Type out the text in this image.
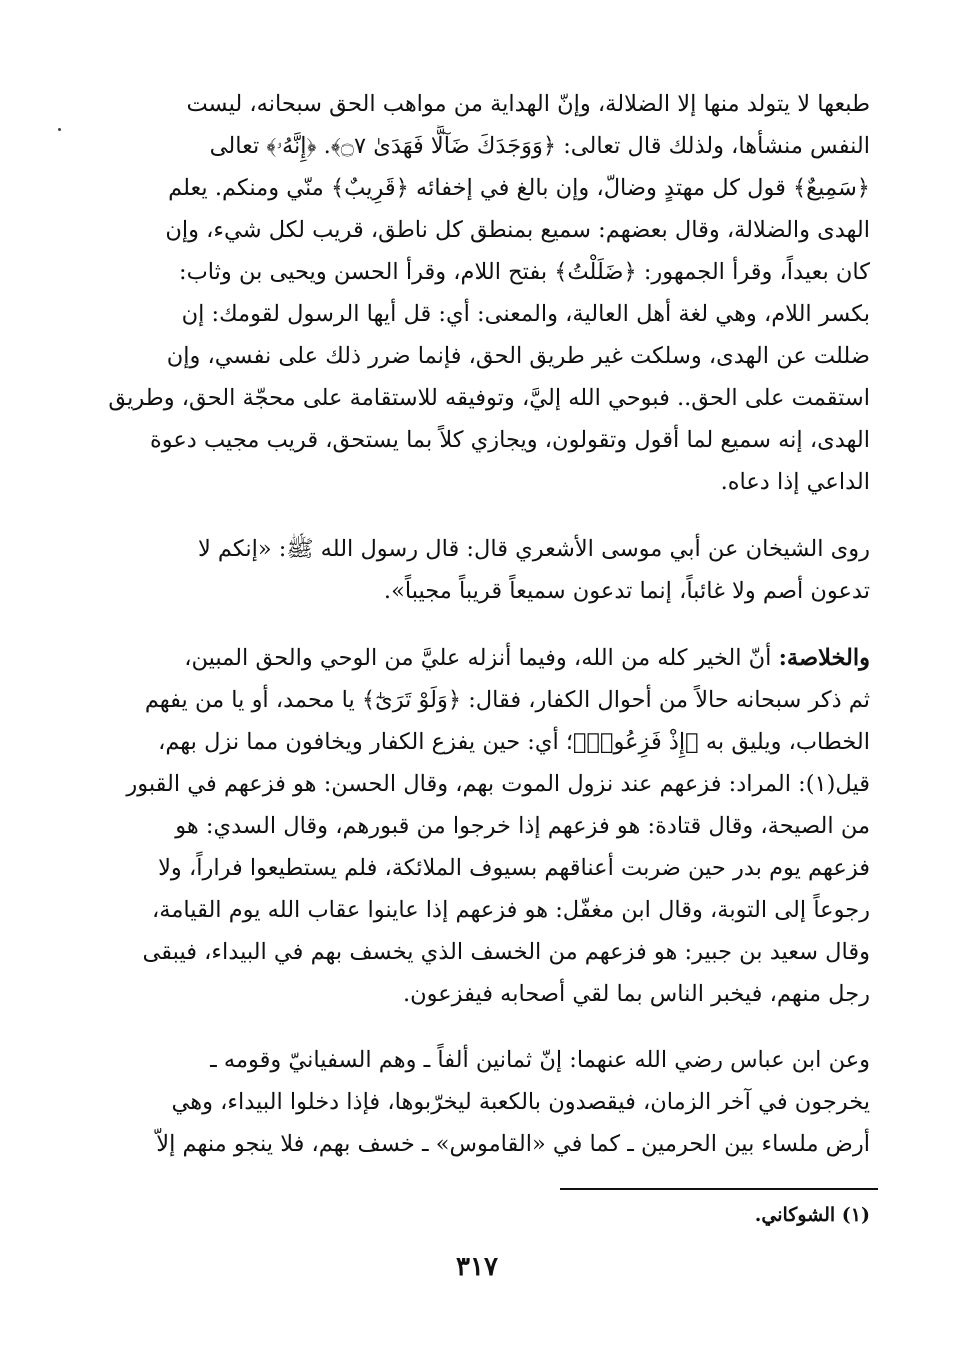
طبعها لا يتولد منها إلا الضلالة، وإنّ الهداية من مواهب الحق سبحانه، ليست
النفس منشأها، ولذلك قال تعالى: ﴿وَوَجَدَكَ ضَآلًّا فَهَدَىٰ ۝٧﴾. ﴿إِنَّهُۥ﴾ تعالى
﴿سَمِيعٌ﴾ قول كل مهتدٍ وضالّ، وإن بالغ في إخفائه ﴿قَرِيبٌ﴾ منّي ومنكم. يعلم
الهدى والضلالة، وقال بعضهم: سميع بمنطق كل ناطق، قريب لكل شيء، وإن
كان بعيداً، وقرأ الجمهور: ﴿ضَلَلْتُ﴾ بفتح اللام، وقرأ الحسن ويحيى بن وثاب:
بكسر اللام، وهي لغة أهل العالية، والمعنى: أي: قل أيها الرسول لقومك: إن
ضللت عن الهدى، وسلكت غير طريق الحق، فإنما ضرر ذلك على نفسي، وإن
استقمت على الحق.. فبوحي الله إليَّ، وتوفيقه للاستقامة على محجّة الحق، وطريق
الهدى، إنه سميع لما أقول وتقولون، ويجازي كلاً بما يستحق، قريب مجيب دعوة
الداعي إذا دعاه.
روى الشيخان عن أبي موسى الأشعري قال: قال رسول الله ﷺ: «إنكم لا
تدعون أصم ولا غائباً، إنما تدعون سميعاً قريباً مجيباً».
والخلاصة: أنّ الخير كله من الله، وفيما أنزله عليَّ من الوحي والحق المبين،
ثم ذكر سبحانه حالاً من أحوال الكفار، فقال: ﴿وَلَوْ تَرَىٰٓ﴾ يا محمد، أو يا من يفهم
الخطاب، ويليق به ﴿إِذْ فَزِعُوا۟﴾؛ أي: حين يفزع الكفار ويخافون مما نزل بهم،
قيل(١): المراد: فزعهم عند نزول الموت بهم، وقال الحسن: هو فزعهم في القبور
من الصيحة، وقال قتادة: هو فزعهم إذا خرجوا من قبورهم، وقال السدي: هو
فزعهم يوم بدر حين ضربت أعناقهم بسيوف الملائكة، فلم يستطيعوا فراراً، ولا
رجوعاً إلى التوبة، وقال ابن مغفّل: هو فزعهم إذا عاينوا عقاب الله يوم القيامة،
وقال سعيد بن جبير: هو فزعهم من الخسف الذي يخسف بهم في البيداء، فيبقى
رجل منهم، فيخبر الناس بما لقي أصحابه فيفزعون.
وعن ابن عباس رضي الله عنهما: إنّ ثمانين ألفاً ـ وهم السفيانيّ وقومه ـ
يخرجون في آخر الزمان، فيقصدون بالكعبة ليخرّبوها، فإذا دخلوا البيداء، وهي
أرض ملساء بين الحرمين ـ كما في «القاموس» ـ خسف بهم، فلا ينجو منهم إلاّ
(١) الشوكاني.
٣١٧
